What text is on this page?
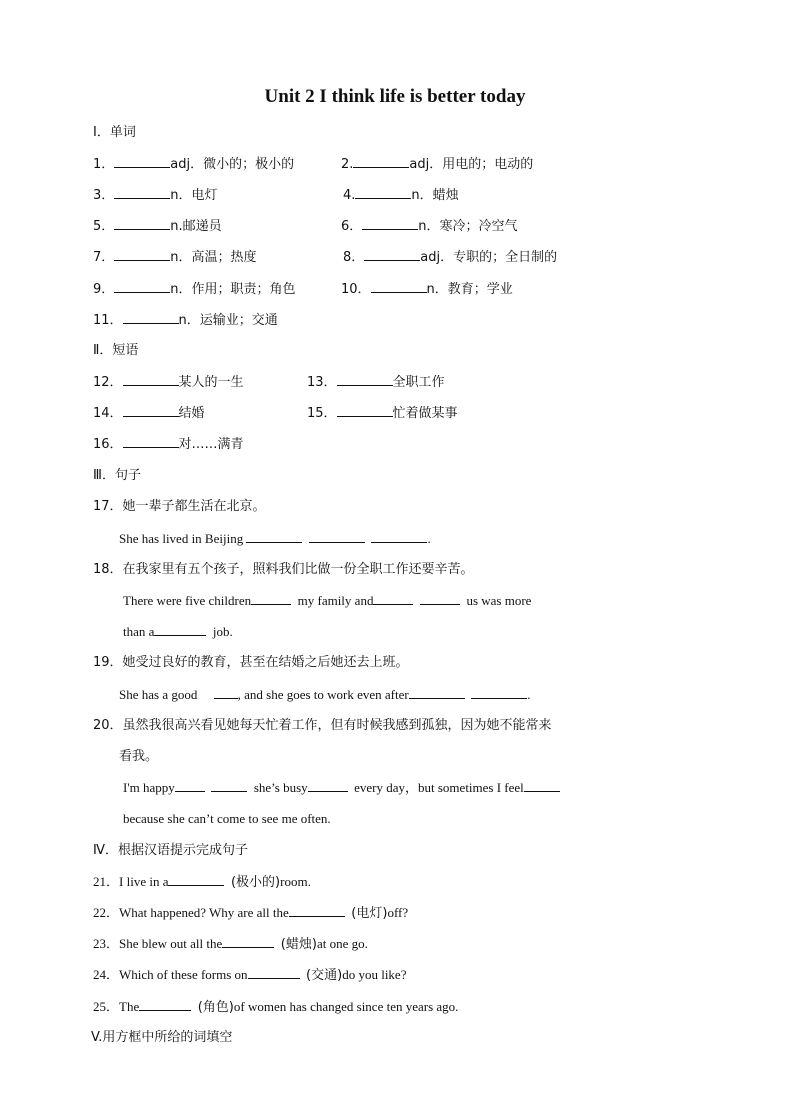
Unit 2 I think life is better today
Ⅰ．单词
1．	adj．微小的；极小的	2.	adj．用电的；电动的
3．	n．电灯	4.	n．蜡烛
5．	n.邮递员	6．	n．寒冷；冷空气
7．	n．高温；热度	8．	adj．专职的；全日制的
9．	n．作用；职责；角色	10．	n．教育；学业
11．	n．运输业；交通
Ⅱ．短语
12．	某人的一生	13．	全职工作
14．	结婚	15．	忙着做某事
16．	对……满青
Ⅲ．句子
17．她一辈子都生活在北京。
She has lived in Beijing	.
18．在我家里有五个孩子，照料我们比做一份全职工作还要辛苦。
There were five children	my family and	us was more
than a	job.
19．她受过良好的教育，甚至在结婚之后她还去上班。
She has a good	, and she goes to work even after	.
20．虽然我很高兴看见她每天忙着工作，但有时候我感到孤独，因为她不能常来
看我。
I'm happy	she’s busy	every day，but sometimes I feel
because she can’t come to see me often.
Ⅳ．根据汉语提示完成句子
21．I live in a	(极小的)room.
22．What happened? Why are all the	(电灯)off?
23．She blew out all the	(蜡烛)at one go.
24．Which of these forms on	(交通)do you like?
25．The	(角色)of women has changed since ten years ago.
V.用方框中所给的词填空
